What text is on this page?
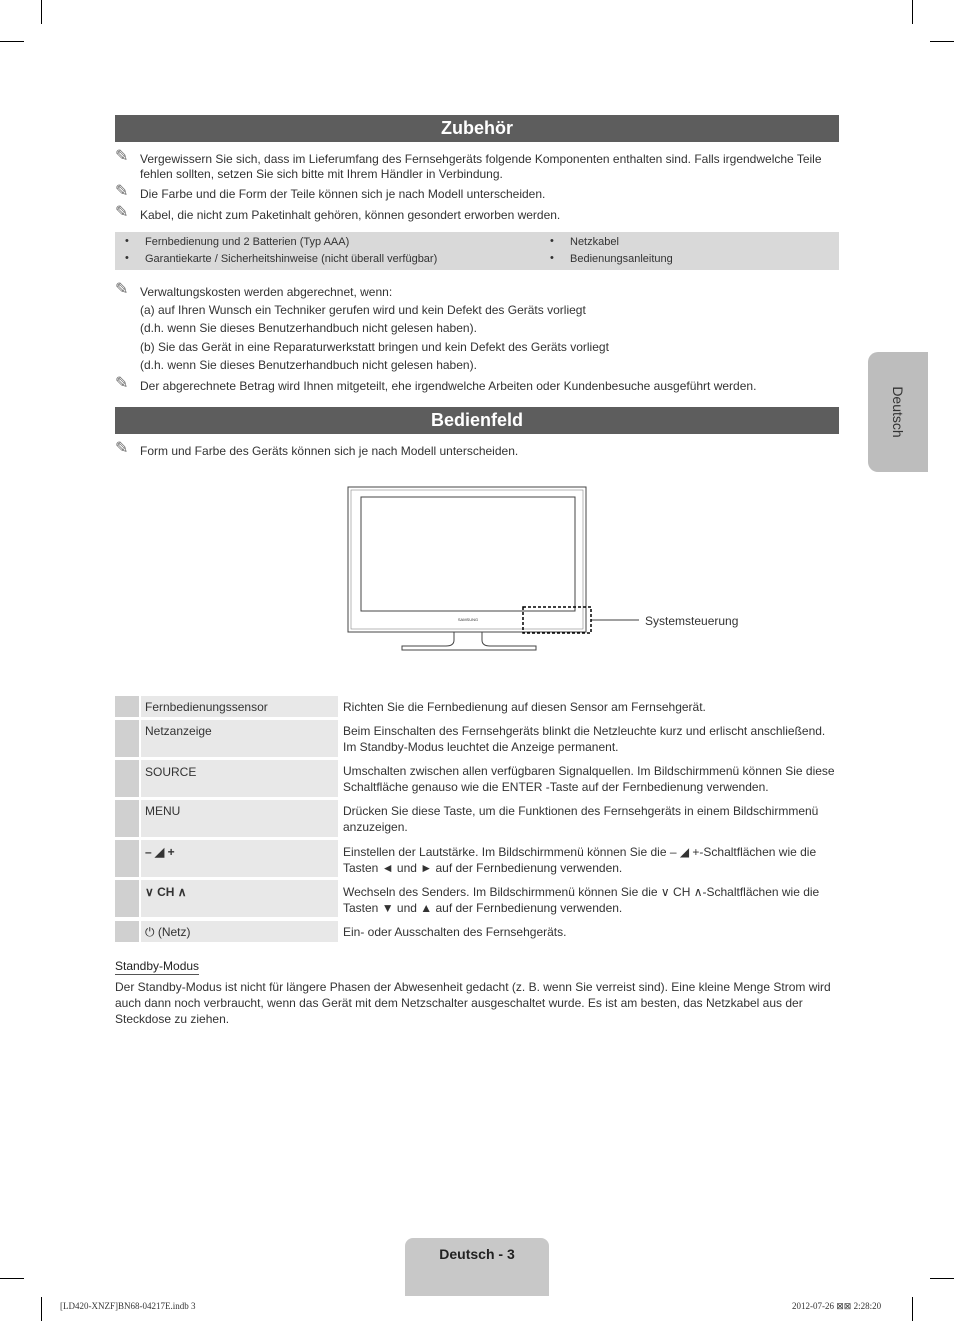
Deutsch
Zubehör
✎ Vergewissern Sie sich, dass im Lieferumfang des Fernsehgeräts folgende Komponenten enthalten sind. Falls irgendwelche Teile fehlen sollten, setzen Sie sich bitte mit Ihrem Händler in Verbindung.
✎ Die Farbe und die Form der Teile können sich je nach Modell unterscheiden.
✎ Kabel, die nicht zum Paketinhalt gehören, können gesondert erworben werden.
• Fernbedienung und 2 Batterien (Typ AAA)
• Garantiekarte / Sicherheitshinweise (nicht überall verfügbar)
• Netzkabel
• Bedienungsanleitung
✎ Verwaltungskosten werden abgerechnet, wenn:
(a) auf Ihren Wunsch ein Techniker gerufen wird und kein Defekt des Geräts vorliegt
(d.h. wenn Sie dieses Benutzerhandbuch nicht gelesen haben).
(b) Sie das Gerät in eine Reparaturwerkstatt bringen und kein Defekt des Geräts vorliegt
(d.h. wenn Sie dieses Benutzerhandbuch nicht gelesen haben).
✎ Der abgerechnete Betrag wird Ihnen mitgeteilt, ehe irgendwelche Arbeiten oder Kundenbesuche ausgeführt werden.
Bedienfeld
✎ Form und Farbe des Geräts können sich je nach Modell unterscheiden.
SAMSUNG	Systemsteuerung
Fernbedienungssensor	Richten Sie die Fernbedienung auf diesen Sensor am Fernsehgerät.
Netzanzeige	Beim Einschalten des Fernsehgeräts blinkt die Netzleuchte kurz und erlischt anschließend. Im Standby-Modus leuchtet die Anzeige permanent.
SOURCE	Umschalten zwischen allen verfügbaren Signalquellen. Im Bildschirmmenü können Sie diese Schaltfläche genauso wie die ENTER -Taste auf der Fernbedienung verwenden.
MENU	Drücken Sie diese Taste, um die Funktionen des Fernsehgeräts in einem Bildschirmmenü anzuzeigen.
– ◢ +	Einstellen der Lautstärke. Im Bildschirmmenü können Sie die – ◢ +-Schaltflächen wie die Tasten ◄ und ► auf der Fernbedienung verwenden.
∨ CH ∧	Wechseln des Senders. Im Bildschirmmenü können Sie die ∨ CH ∧-Schaltflächen wie die Tasten ▼ und ▲ auf der Fernbedienung verwenden.
⏻ (Netz)	Ein- oder Ausschalten des Fernsehgeräts.
Standby-Modus
Der Standby-Modus ist nicht für längere Phasen der Abwesenheit gedacht (z. B. wenn Sie verreist sind). Eine kleine Menge Strom wird auch dann noch verbraucht, wenn das Gerät mit dem Netzschalter ausgeschaltet wurde. Es ist am besten, das Netzkabel aus der Steckdose zu ziehen.
Deutsch - 3
[LD420-XNZF]BN68-04217E.indb 3	2012-07-26 ⊠⊠ 2:28:20
